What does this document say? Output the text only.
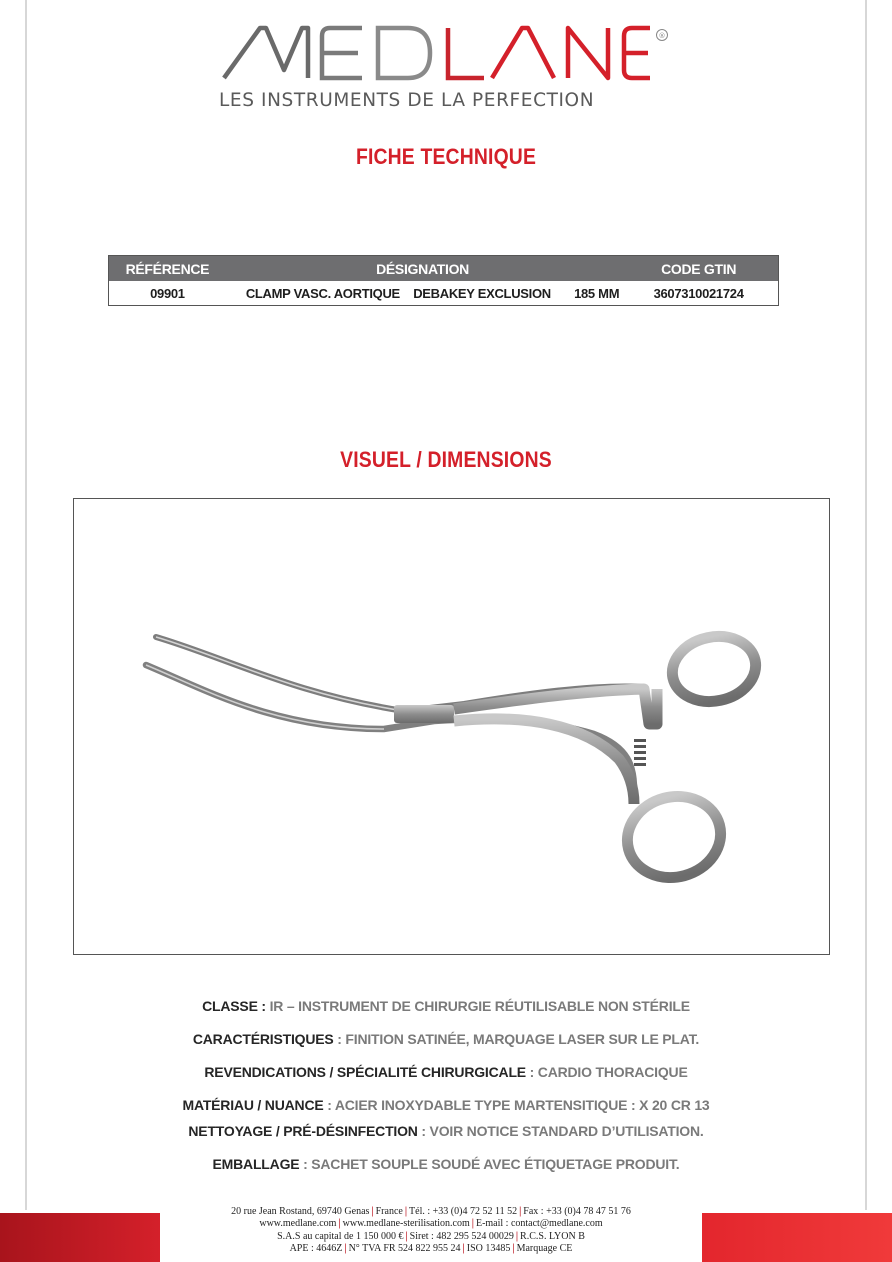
®
LES INSTRUMENTS DE LA PERFECTION
FICHE TECHNIQUE
RÉFÉRENCE	DÉSIGNATION	CODE GTIN
09901	CLAMP VASC. AORTIQUE DEBAKEY EXCLUSION 185 MM	3607310021724
VISUEL / DIMENSIONS
CLASSE : IR – INSTRUMENT DE CHIRURGIE RÉUTILISABLE NON STÉRILE
CARACTÉRISTIQUES : FINITION SATINÉE, MARQUAGE LASER SUR LE PLAT.
REVENDICATIONS / SPÉCIALITÉ CHIRURGICALE : CARDIO THORACIQUE
MATÉRIAU / NUANCE : ACIER INOXYDABLE TYPE MARTENSITIQUE : X 20 CR 13
NETTOYAGE / PRÉ-DÉSINFECTION : VOIR NOTICE STANDARD D’UTILISATION.
EMBALLAGE : SACHET SOUPLE SOUDÉ AVEC ÉTIQUETAGE PRODUIT.
20 rue Jean Rostand, 69740 Genas | France | Tél. : +33 (0)4 72 52 11 52 | Fax : +33 (0)4 78 47 51 76
www.medlane.com | www.medlane-sterilisation.com | E-mail : contact@medlane.com
S.A.S au capital de 1 150 000 € | Siret : 482 295 524 00029 | R.C.S. LYON B
APE : 4646Z | N° TVA FR 524 822 955 24 | ISO 13485 | Marquage CE
